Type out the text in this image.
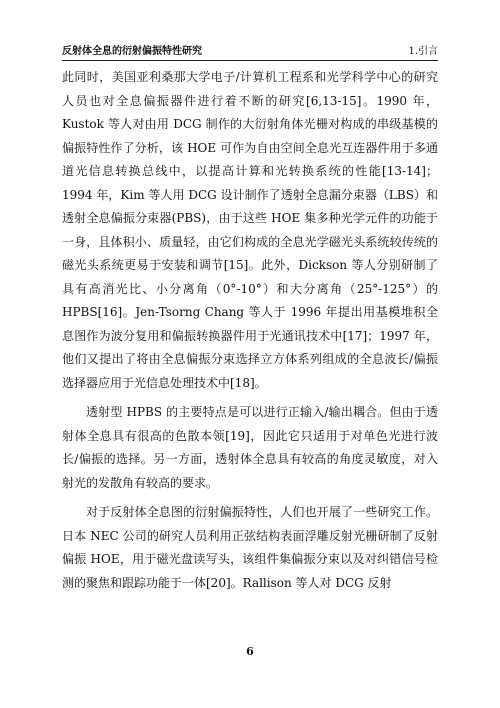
反射体全息的衍射偏振特性研究	1.引言

此同时，美国亚利桑那大学电子/计算机工程系和光学科学中心的研究人员也对全息偏振器件进行着不断的研究[6,13-15]。1990 年，Kustok 等人对由用 DCG 制作的大衍射角体光栅对构成的串级基模的偏振特性作了分析，该 HOE 可作为自由空间全息光互连器件用于多通道光信息转换总线中，以提高计算和光转换系统的性能[13-14]； 1994 年，Kim 等人用 DCG 设计制作了透射全息漏分束器（LBS）和透射全息偏振分束器(PBS)，由于这些 HOE 集多种光学元件的功能于一身，且体积小、质量轻，由它们构成的全息光学磁光头系统较传统的磁光头系统更易于安装和调节[15]。此外，Dickson 等人分别研制了具有高消光比、小分离角（0°-10°）和大分离角（25°-125°）的 HPBS[16]。Jen-Tsorng Chang 等人于 1996 年提出用基模堆积全息图作为波分复用和偏振转换器件用于光通讯技术中[17]；1997 年，他们又提出了将由全息偏振分束选择立方体系列组成的全息波长/偏振选择器应用于光信息处理技术中[18]。

透射型 HPBS 的主要特点是可以进行正输入/输出耦合。但由于透射体全息具有很高的色散本领[19]，因此它只适用于对单色光进行波长/偏振的选择。另一方面，透射体全息具有较高的角度灵敏度，对入射光的发散角有较高的要求。

对于反射体全息图的衍射偏振特性，人们也开展了一些研究工作。日本 NEC 公司的研究人员利用正弦结构表面浮雕反射光栅研制了反射偏振 HOE，用于磁光盘读写头，该组件集偏振分束以及对纠错信号检测的聚焦和跟踪功能于一体[20]。Rallison 等人对 DCG 反射

6
